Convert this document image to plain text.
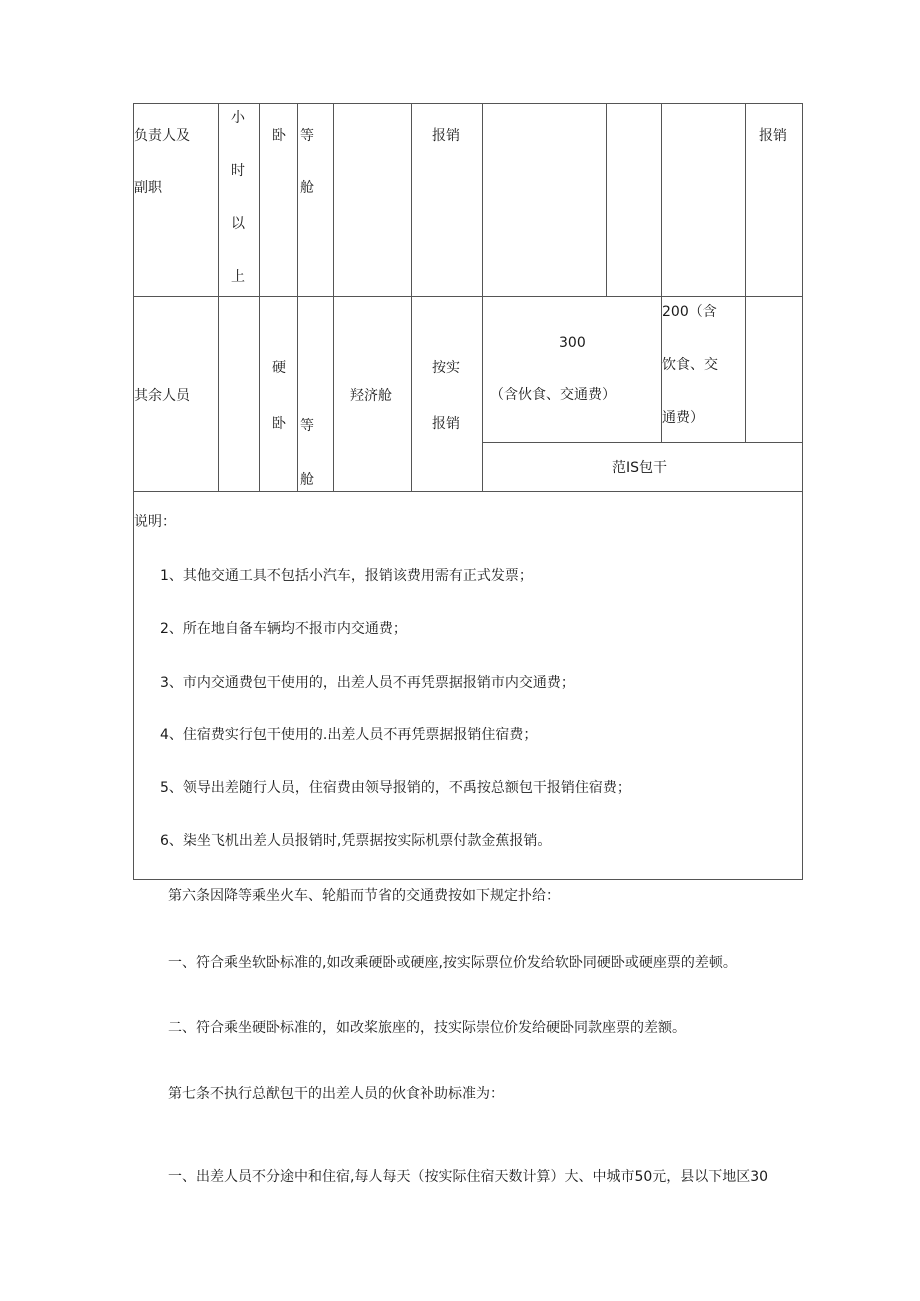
负责人及
副职
小
时
以
上
卧 等
舱
报销	报销
其余人员
硬
卧 等
舱
羟济舱
按实
报销
300
（含伙食、交通费）
200（含
饮食、交
通费）
范IS包干
说明：
1、其他交通工具不包括小汽车，报销该费用需有正式发票；
2、所在地自备车辆均不报市内交通费；
3、市内交通费包干使用的，出差人员不再凭票据报销市内交通费；
4、住宿费实行包干使用的.出差人员不再凭票据报销住宿费；
5、领导出差随行人员，住宿费由领导报销的，不禹按总额包干报销住宿费；
6、柒坐飞机出差人员报销时,凭票据按实际机票付款金蕉报销。
第六条因降等乘坐火车、轮船而节省的交通费按如下规定扑给：
一、符合乘坐软卧标准的,如改乘硬卧或硬座,按实际票位价发给软卧同硬卧或硬座票的差顿。
二、符合乘坐硬卧标准的，如改桨旅座的，技实际崇位价发给硬卧同款座票的差额。
第七条不执行总猷包干的出差人员的伙食补助标准为：
一、出差人员不分途中和住宿,每人每天（按实际住宿天数计算）大、中城市50元，县以下地区30
